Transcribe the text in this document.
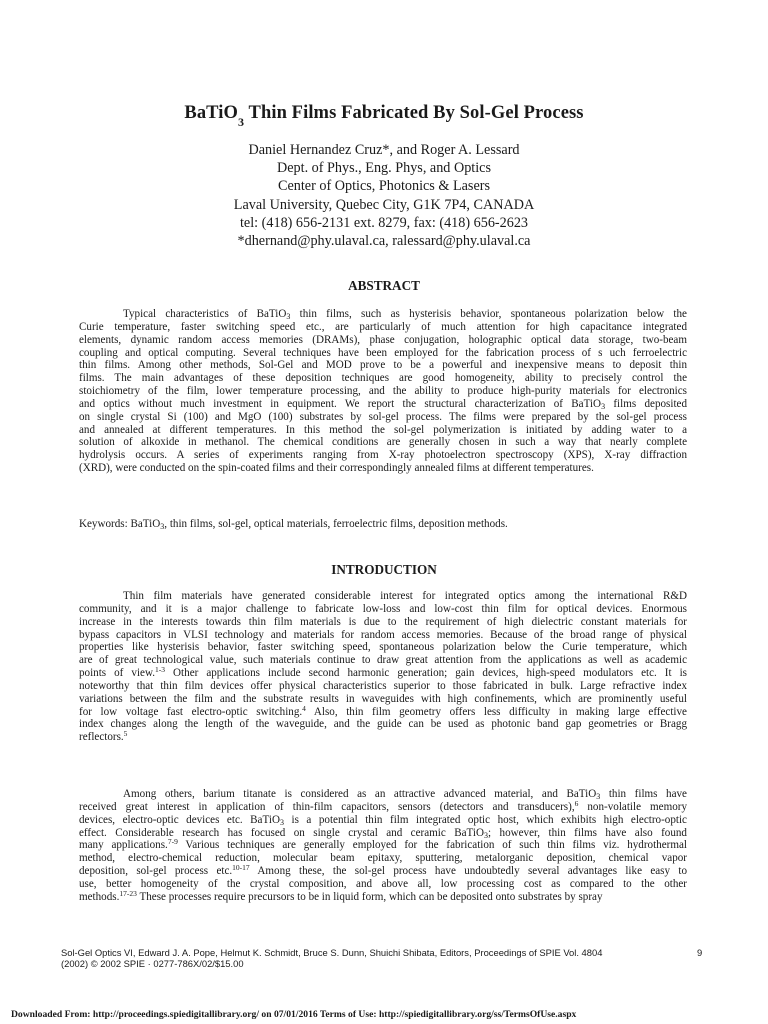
BaTiO$_3$ Thin Films Fabricated By Sol-Gel Process
Daniel Hernandez Cruz*, and Roger A. Lessard
Dept. of Phys., Eng. Phys, and Optics
Center of Optics, Photonics & Lasers
Laval University, Quebec City, G1K 7P4, CANADA
tel: (418) 656-2131 ext. 8279, fax: (418) 656-2623
*dhernand@phy.ulaval.ca, ralessard@phy.ulaval.ca
ABSTRACT
Typical characteristics of BaTiO$_3$ thin films, such as hysterisis behavior, spontaneous polarization below the
Curie temperature, faster switching speed etc., are particularly of much attention for high capacitance integrated
elements, dynamic random access memories (DRAMs), phase conjugation, holographic optical data storage, two-beam
coupling and optical computing. Several techniques have been employed for the fabrication process of s uch ferroelectric
thin films. Among other methods, Sol-Gel and MOD prove to be a powerful and inexpensive means to deposit thin
films. The main advantages of these deposition techniques are good homogeneity, ability to precisely control the
stoichiometry of the film, lower temperature processing, and the ability to produce high-purity materials for electronics
and optics without much investment in equipment. We report the structural characterization of BaTiO$_3$ films deposited
on single crystal Si (100) and MgO (100) substrates by sol-gel process. The films were prepared by the sol-gel process
and annealed at different temperatures. In this method the sol-gel polymerization is initiated by adding water to a
solution of alkoxide in methanol. The chemical conditions are generally chosen in such a way that nearly complete
hydrolysis occurs. A series of experiments ranging from X-ray photoelectron spectroscopy (XPS), X-ray diffraction
(XRD), were conducted on the spin-coated films and their correspondingly annealed films at different temperatures.
Keywords: BaTiO$_3$, thin films, sol-gel, optical materials, ferroelectric films, deposition methods.
INTRODUCTION
Thin film materials have generated considerable interest for integrated optics among the international R&D
community, and it is a major challenge to fabricate low-loss and low-cost thin film for optical devices. Enormous
increase in the interests towards thin film materials is due to the requirement of high dielectric constant materials for
bypass capacitors in VLSI technology and materials for random access memories. Because of the broad range of physical
properties like hysterisis behavior, faster switching speed, spontaneous polarization below the Curie temperature, which
are of great technological value, such materials continue to draw great attention from the applications as well as academic
points of view.$^{1-3}$ Other applications include second harmonic generation; gain devices, high-speed modulators etc. It is
noteworthy that thin film devices offer physical characteristics superior to those fabricated in bulk. Large refractive index
variations between the film and the substrate results in waveguides with high confinements, which are prominently useful
for low voltage fast electro-optic switching.$^4$ Also, thin film geometry offers less difficulty in making large effective
index changes along the length of the waveguide, and the guide can be used as photonic band gap geometries or Bragg
reflectors.$^5$
Among others, barium titanate is considered as an attractive advanced material, and BaTiO$_3$ thin films have
received great interest in application of thin-film capacitors, sensors (detectors and transducers),$^6$ non-volatile memory
devices, electro-optic devices etc. BaTiO$_3$ is a potential thin film integrated optic host, which exhibits high electro-optic
effect. Considerable research has focused on single crystal and ceramic BaTiO$_3$; however, thin films have also found
many applications.$^{7-9}$ Various techniques are generally employed for the fabrication of such thin films viz. hydrothermal
method, electro-chemical reduction, molecular beam epitaxy, sputtering, metalorganic deposition, chemical vapor
deposition, sol-gel process etc.$^{10-17}$ Among these, the sol-gel process have undoubtedly several advantages like easy to
use, better homogeneity of the crystal composition, and above all, low processing cost as compared to the other
methods.$^{17-23}$ These processes require precursors to be in liquid form, which can be deposited onto substrates by spray
Sol-Gel Optics VI, Edward J. A. Pope, Helmut K. Schmidt, Bruce S. Dunn, Shuichi Shibata, Editors, Proceedings of SPIE Vol. 4804
(2002) © 2002 SPIE · 0277-786X/02/$15.00
9
Downloaded From: http://proceedings.spiedigitallibrary.org/ on 07/01/2016 Terms of Use: http://spiedigitallibrary.org/ss/TermsOfUse.aspx
